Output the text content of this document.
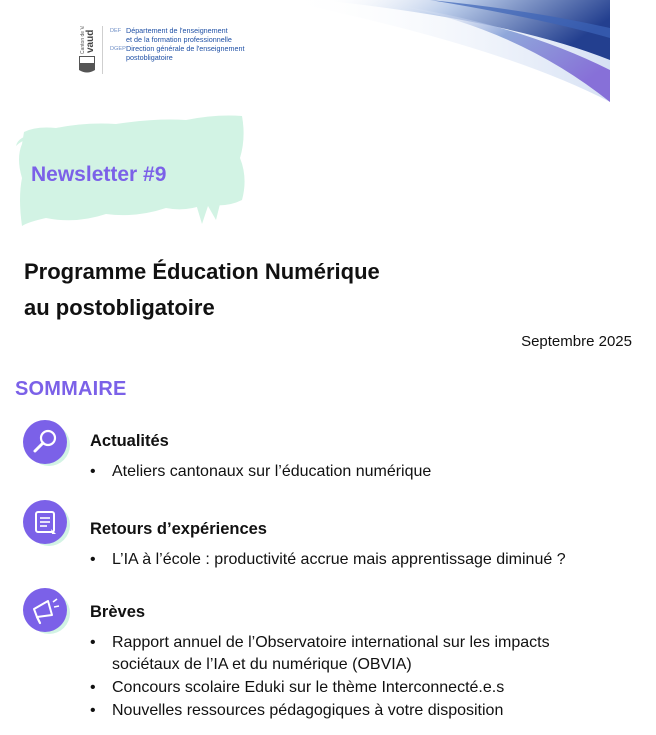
Canton de Vaud vaud	DEF Département de l'enseignement
et de la formation professionnelle
DGEP Direction générale de l'enseignement
postobligatoire
Newsletter #9
Programme Éducation Numérique
au postobligatoire
Septembre 2025
SOMMAIRE
Actualités
•	Ateliers cantonaux sur l’éducation numérique
Retours d’expériences
•	L’IA à l’école : productivité accrue mais apprentissage diminué ?
Brèves
•	Rapport annuel de l’Observatoire international sur les impacts
sociétaux de l’IA et du numérique (OBVIA)
•	Concours scolaire Eduki sur le thème Interconnecté.e.s
•	Nouvelles ressources pédagogiques à votre disposition
